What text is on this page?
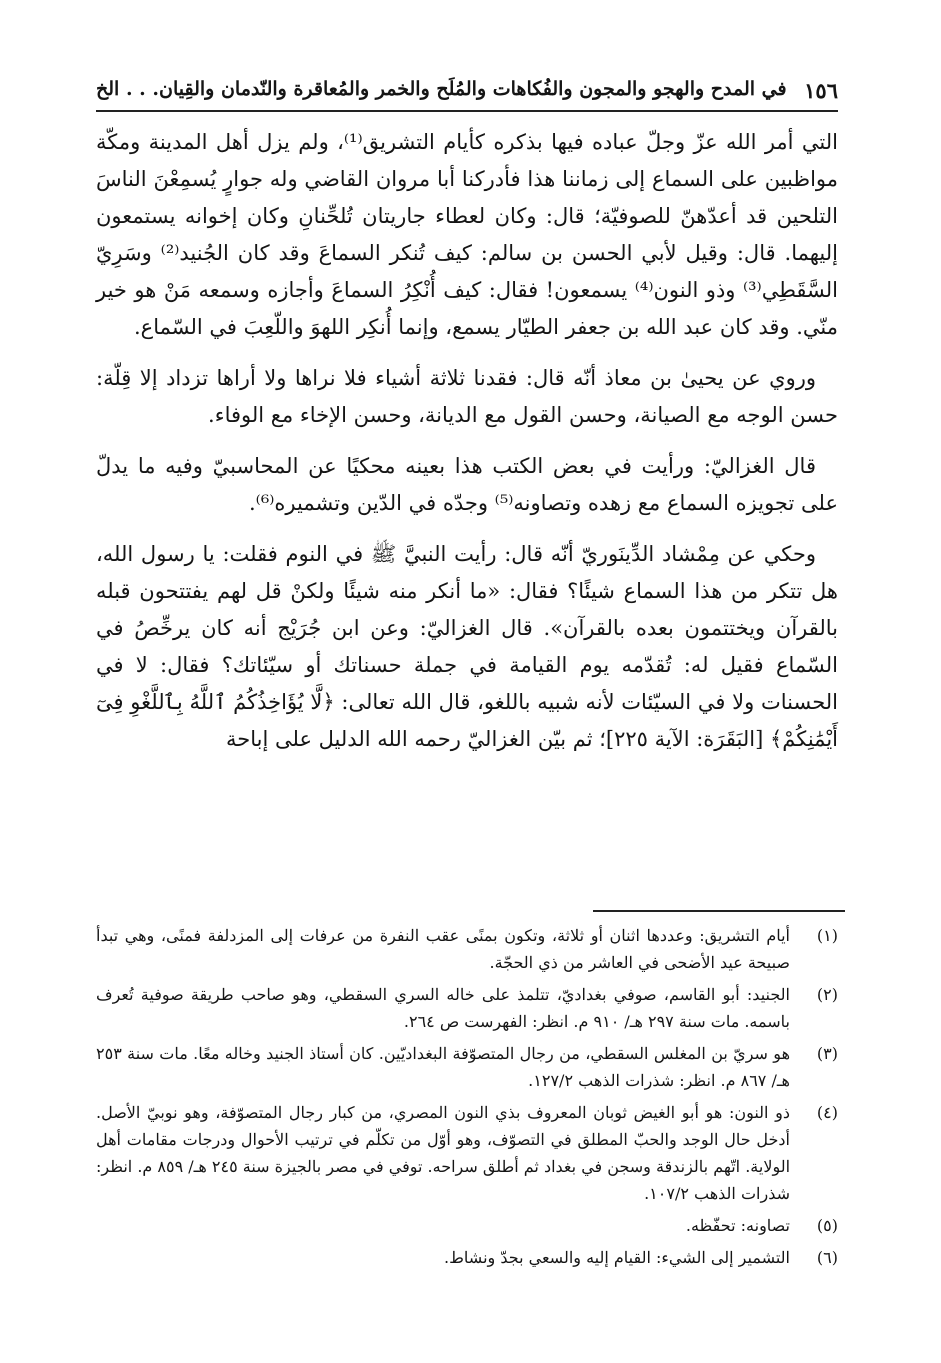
١٥٦
في المدح والهجو والمجون والفُكاهات والمُلَح والخمر والمُعاقرة والنّدمان والقِيان. . . الخ

التي أمر الله عزّ وجلّ عباده فيها بذكره كأيام التشريق⁽¹⁾، ولم يزل أهل المدينة ومكّة مواظبين على السماع إلى زماننا هذا فأدركنا أبا مروان القاضي وله جوارٍ يُسمِعْنَ الناسَ التلحين قد أعدّهنّ للصوفيّة؛ قال: وكان لعطاء جاريتان تُلحِّنانِ وكان إخوانه يستمعون إليهما. قال: وقيل لأبي الحسن بن سالم: كيف تُنكر السماعَ وقد كان الجُنيد⁽²⁾ وسَرِيّ السَّقَطِي⁽³⁾ وذو النون⁽⁴⁾ يسمعون! فقال: كيف أُنْكِرُ السماعَ وأجازه وسمعه مَنْ هو خير منّي. وقد كان عبد الله بن جعفر الطيّار يسمع، وإنما أُنكِر اللهوَ واللّعِبَ في السّماع.

وروي عن يحيىٰ بن معاذ أنّه قال: فقدنا ثلاثة أشياء فلا نراها ولا أراها تزداد إلا قِلّة: حسن الوجه مع الصيانة، وحسن القول مع الديانة، وحسن الإخاء مع الوفاء.

قال الغزاليّ: ورأيت في بعض الكتب هذا بعينه محكيًا عن المحاسبيّ وفيه ما يدلّ على تجويزه السماع مع زهده وتصاونه⁽⁵⁾ وجدّه في الدّين وتشميره⁽⁶⁾.

وحكي عن مِمْشاد الدِّينَوريّ أنّه قال: رأيت النبيَّ ﷺ في النوم فقلت: يا رسول الله، هل تتكر من هذا السماع شيئًا؟ فقال: «ما أنكر منه شيئًا ولكنْ قل لهم يفتتحون قبله بالقرآن ويختتمون بعده بالقرآن». قال الغزاليّ: وعن ابن جُرَيْج أنه كان يرخِّصُ في السّماع فقيل له: تُقدّمه يوم القيامة في جملة حسناتك أو سيّئاتك؟ فقال: لا في الحسنات ولا في السيّئات لأنه شبيه باللغو، قال الله تعالى: ﴿لَّا يُؤَاخِذُكُمُ ٱللَّهُ بِٱللَّغْوِ فِىٓ أَيْمَٰنِكُمْ﴾ [البَقَرَة: الآية ٢٢٥]؛ ثم بيّن الغزاليّ رحمه الله الدليل على إباحة

(١)
أيام التشريق: وعددها اثنان أو ثلاثة، وتكون بمنًى عقب النفرة من عرفات إلى المزدلفة فمنًى، وهي تبدأ صبيحة عيد الأضحى في العاشر من ذي الحجّة.
(٢)
الجنيد: أبو القاسم، صوفي بغداديّ، تتلمذ على خاله السري السقطي، وهو صاحب طريقة صوفية تُعرف باسمه. مات سنة ٢٩٧ هـ/ ٩١٠ م. انظر: الفهرست ص ٢٦٤.
(٣)
هو سريّ بن المغلس السقطي، من رجال المتصوّفة البغداديّين. كان أستاذ الجنيد وخاله معًا. مات سنة ٢٥٣ هـ/ ٨٦٧ م. انظر: شذرات الذهب ١٢٧/٢.
(٤)
ذو النون: هو أبو الغيض ثوبان المعروف بذي النون المصري، من كبار رجال المتصوّفة، وهو نوبيّ الأصل. أدخل حال الوجد والحبّ المطلق في التصوّف، وهو أوّل من تكلّم في ترتيب الأحوال ودرجات مقامات أهل الولاية. اتّهم بالزندقة وسجن في بغداد ثم أطلق سراحه. توفي في مصر بالجيزة سنة ٢٤٥ هـ/ ٨٥٩ م. انظر: شذرات الذهب ١٠٧/٢.
(٥)
تصاونه: تحفّظه.
(٦)
التشمير إلى الشيء: القيام إليه والسعي بجدّ ونشاط.
